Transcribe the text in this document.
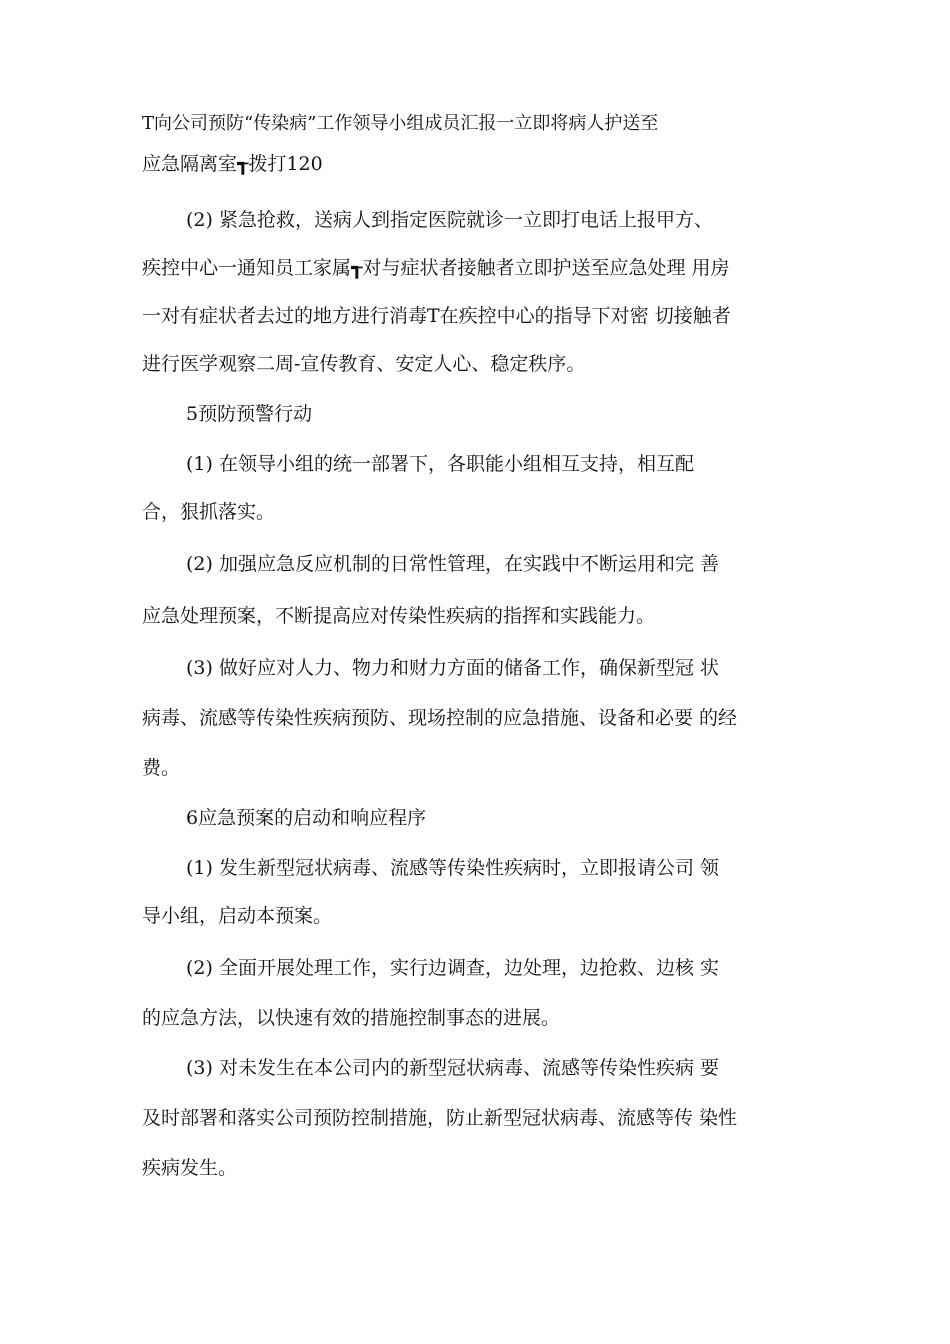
T向公司预防“传染病”工作领导小组成员汇报一立即将病人护送至
应急隔离室┱拨打120
(2) 紧急抢救，送病人到指定医院就诊一立即打电话上报甲方、
疾控中心一通知员工家属┱对与症状者接触者立即护送至应急处理 用房
一对有症状者去过的地方进行消毒T在疾控中心的指导下对密 切接触者
进行医学观察二周-宣传教育、安定人心、稳定秩序。
5预防预警行动
(1) 在领导小组的统一部署下，各职能小组相互支持，相互配
合，狠抓落实。
(2) 加强应急反应机制的日常性管理，在实践中不断运用和完 善
应急处理预案，不断提高应对传染性疾病的指挥和实践能力。
(3) 做好应对人力、物力和财力方面的储备工作，确保新型冠 状
病毒、流感等传染性疾病预防、现场控制的应急措施、设备和必要 的经
费。
6应急预案的启动和响应程序
(1) 发生新型冠状病毒、流感等传染性疾病时，立即报请公司 领
导小组，启动本预案。
(2) 全面开展处理工作，实行边调查，边处理，边抢救、边核 实
的应急方法，以快速有效的措施控制事态的进展。
(3) 对未发生在本公司内的新型冠状病毒、流感等传染性疾病 要
及时部署和落实公司预防控制措施，防止新型冠状病毒、流感等传 染性
疾病发生。
